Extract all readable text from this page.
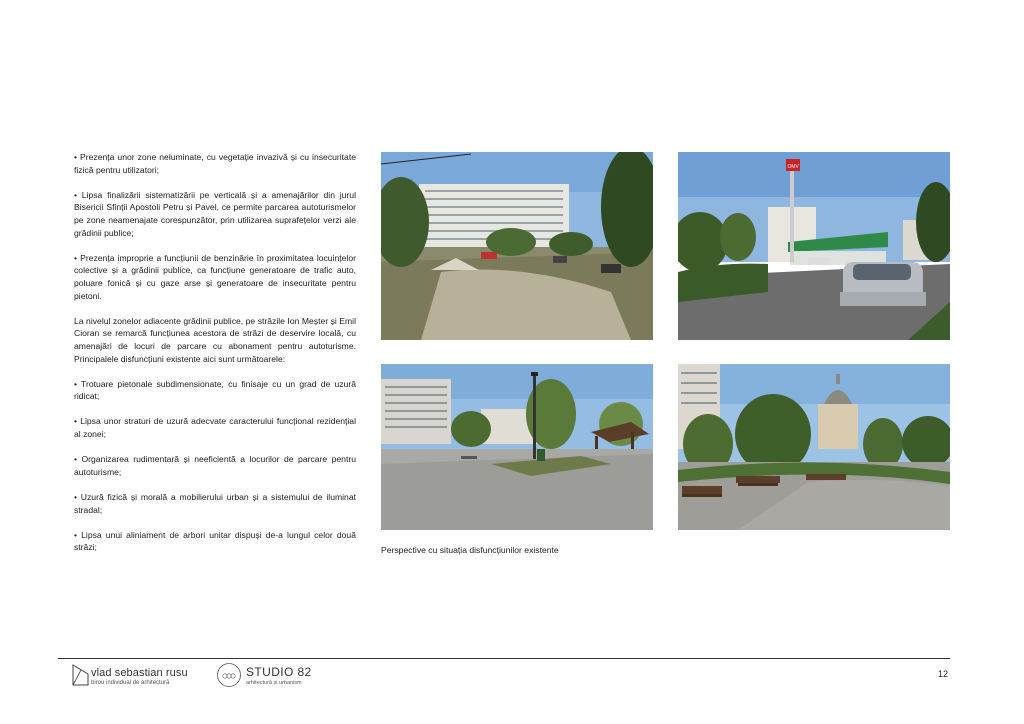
• Prezența unor zone neluminate, cu vegetație invazivă și cu insecuritate fizică pentru utilizatori;

• Lipsa finalizării sistematizării pe verticală și a amenajărilor din jurul Bisericii Sfinții Apostoli Petru și Pavel, ce permite parcarea autoturismelor pe zone neamenajate corespunzător, prin utilizarea suprafețelor verzi ale grădinii publice;

• Prezența improprie a funcțiunii de benzinărie în proximitatea locuințelor colective și a grădinii publice, ca funcțiune generatoare de trafic auto, poluare fonică și cu gaze arse și generatoare de insecuritate pentru pietoni.

La nivelul zonelor adiacente grădinii publice, pe străzile Ion Meșter și Emil Cioran se remarcă funcțiunea acestora de străzi de deservire locală, cu amenajări de locuri de parcare cu abonament pentru autoturisme. Principalele disfuncțiuni existente aici sunt următoarele:

• Trotuare pietonale subdimensionate, cu finisaje cu un grad de uzură ridicat;

• Lipsa unor straturi de uzură adecvate caracterului funcțional rezidențial al zonei;

• Organizarea rudimentară și neeficientă a locurilor de parcare pentru autoturisme;

• Uzură fizică și morală a mobilierului urban și a sistemului de iluminat stradal;

• Lipsa unui aliniament de arbori unitar dispuși de-a lungul celor două străzi;

OMV
Perspective cu situația disfuncțiunilor existente
vlad sebastian rusu
birou individual de arhitectură
STUDIO 82
arhitectură și urbanism
12
